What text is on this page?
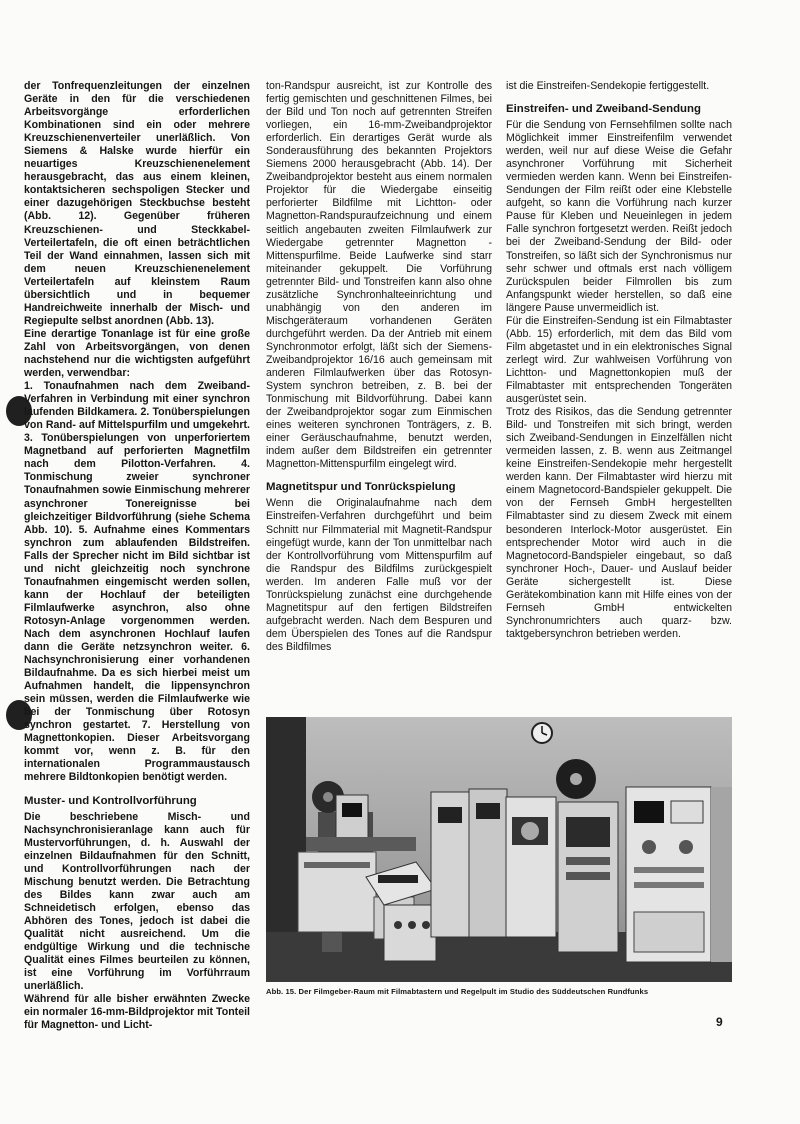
der Tonfrequenzleitungen der einzelnen Geräte in den für die verschiedenen Arbeitsvorgänge erforderlichen Kombinationen sind ein oder mehrere Kreuzschienenverteiler unerläßlich. Von Siemens & Halske wurde hierfür ein neuartiges Kreuzschienenelement herausgebracht, das aus einem kleinen, kontaktsicheren sechspoligen Stecker und einer dazugehörigen Steckbuchse besteht (Abb. 12). Gegenüber früheren Kreuzschienen- und Steckkabel-Verteilertafeln, die oft einen beträchtlichen Teil der Wand einnahmen, lassen sich mit dem neuen Kreuzschienenelement Verteilertafeln auf kleinstem Raum übersichtlich und in bequemer Handreichweite innerhalb der Misch- und Regiepulte selbst anordnen (Abb. 13).

Eine derartige Tonanlage ist für eine große Zahl von Arbeitsvorgängen, von denen nachstehend nur die wichtigsten aufgeführt werden, verwendbar:

1. Tonaufnahmen nach dem Zweiband-Verfahren in Verbindung mit einer synchron laufenden Bildkamera. 2. Tonüberspielungen von Rand- auf Mittelspurfilm und umgekehrt. 3. Tonüberspielungen von unperforiertem Magnetband auf perforierten Magnetfilm nach dem Pilotton-Verfahren. 4. Tonmischung zweier synchroner Tonaufnahmen sowie Einmischung mehrerer asynchroner Tonereignisse bei gleichzeitiger Bildvorführung (siehe Schema Abb. 10). 5. Aufnahme eines Kommentars synchron zum ablaufenden Bildstreifen. Falls der Sprecher nicht im Bild sichtbar ist und nicht gleichzeitig noch synchrone Tonaufnahmen eingemischt werden sollen, kann der Hochlauf der beteiligten Filmlaufwerke asynchron, also ohne Rotosyn-Anlage vorgenommen werden. Nach dem asynchronen Hochlauf laufen dann die Geräte netzsynchron weiter. 6. Nachsynchronisierung einer vorhandenen Bildaufnahme. Da es sich hierbei meist um Aufnahmen handelt, die lippensynchron sein müssen, werden die Filmlaufwerke wie bei der Tonmischung über Rotosyn synchron gestartet. 7. Herstellung von Magnettonkopien. Dieser Arbeitsvorgang kommt vor, wenn z. B. für den internationalen Programmaustausch mehrere Bildtonkopien benötigt werden.

Muster- und Kontrollvorführung

Die beschriebene Misch- und Nachsynchronisieranlage kann auch für Mustervorführungen, d. h. Auswahl der einzelnen Bildaufnahmen für den Schnitt, und Kontrollvorführungen nach der Mischung benutzt werden. Die Betrachtung des Bildes kann zwar auch am Schneidetisch erfolgen, ebenso das Abhören des Tones, jedoch ist dabei die Qualität nicht ausreichend. Um die endgültige Wirkung und die technische Qualität eines Filmes beurteilen zu können, ist eine Vorführung im Vorführraum unerläßlich.

Während für alle bisher erwähnten Zwecke ein normaler 16-mm-Bildprojektor mit Tonteil für Magnetton- und Licht-

ton-Randspur ausreicht, ist zur Kontrolle des fertig gemischten und geschnittenen Filmes, bei der Bild und Ton noch auf getrennten Streifen vorliegen, ein 16-mm-Zweibandprojektor erforderlich. Ein derartiges Gerät wurde als Sonderausführung des bekannten Projektors Siemens 2000 herausgebracht (Abb. 14). Der Zweibandprojektor besteht aus einem normalen Projektor für die Wiedergabe einseitig perforierter Bildfilme mit Lichtton- oder Magnetton-Randspuraufzeichnung und einem seitlich angebauten zweiten Filmlaufwerk zur Wiedergabe getrennter Magnetton - Mittenspurfilme. Beide Laufwerke sind starr miteinander gekuppelt. Die Vorführung getrennter Bild- und Tonstreifen kann also ohne zusätzliche Synchronhalteeinrichtung und unabhängig von den anderen im Mischgeräteraum vorhandenen Geräten durchgeführt werden. Da der Antrieb mit einem Synchronmotor erfolgt, läßt sich der Siemens-Zweibandprojektor 16/16 auch gemeinsam mit anderen Filmlaufwerken über das Rotosyn-System synchron betreiben, z. B. bei der Tonmischung mit Bildvorführung. Dabei kann der Zweibandprojektor sogar zum Einmischen eines weiteren synchronen Tonträgers, z. B. einer Geräuschaufnahme, benutzt werden, indem außer dem Bildstreifen ein getrennter Magnetton-Mittenspurfilm eingelegt wird.

Magnetitspur und Tonrückspielung

Wenn die Originalaufnahme nach dem Einstreifen-Verfahren durchgeführt und beim Schnitt nur Filmmaterial mit Magnetit-Randspur eingefügt wurde, kann der Ton unmittelbar nach der Kontrollvorführung vom Mittenspurfilm auf die Randspur des Bildfilms zurückgespielt werden. Im anderen Falle muß vor der Tonrückspielung zunächst eine durchgehende Magnetitspur auf den fertigen Bildstreifen aufgebracht werden. Nach dem Bespuren und dem Überspielen des Tones auf die Randspur des Bildfilmes

ist die Einstreifen-Sendekopie fertiggestellt.

Einstreifen- und Zweiband-Sendung

Für die Sendung von Fernsehfilmen sollte nach Möglichkeit immer Einstreifenfilm verwendet werden, weil nur auf diese Weise die Gefahr asynchroner Vorführung mit Sicherheit vermieden werden kann. Wenn bei Einstreifen-Sendungen der Film reißt oder eine Klebstelle aufgeht, so kann die Vorführung nach kurzer Pause für Kleben und Neueinlegen in jedem Falle synchron fortgesetzt werden. Reißt jedoch bei der Zweiband-Sendung der Bild- oder Tonstreifen, so läßt sich der Synchronismus nur sehr schwer und oftmals erst nach völligem Zurückspulen beider Filmrollen bis zum Anfangspunkt wieder herstellen, so daß eine längere Pause unvermeidlich ist.

Für die Einstreifen-Sendung ist ein Filmabtaster (Abb. 15) erforderlich, mit dem das Bild vom Film abgetastet und in ein elektronisches Signal zerlegt wird. Zur wahlweisen Vorführung von Lichtton- und Magnettonkopien muß der Filmabtaster mit entsprechenden Tongeräten ausgerüstet sein.

Trotz des Risikos, das die Sendung getrennter Bild- und Tonstreifen mit sich bringt, werden sich Zweiband-Sendungen in Einzelfällen nicht vermeiden lassen, z. B. wenn aus Zeitmangel keine Einstreifen-Sendekopie mehr hergestellt werden kann. Der Filmabtaster wird hierzu mit einem Magnetocord-Bandspieler gekuppelt. Die von der Fernseh GmbH hergestellten Filmabtaster sind zu diesem Zweck mit einem besonderen Interlock-Motor ausgerüstet. Ein entsprechender Motor wird auch in die Magnetocord-Bandspieler eingebaut, so daß synchroner Hoch-, Dauer- und Auslauf beider Geräte sichergestellt ist. Diese Gerätekombination kann mit Hilfe eines von der Fernseh GmbH entwickelten Synchronumrichters auch quarz- bzw. taktgebersynchron betrieben werden.

Abb. 15. Der Filmgeber-Raum mit Filmabtastern und Regelpult im Studio des Süddeutschen Rundfunks
9
